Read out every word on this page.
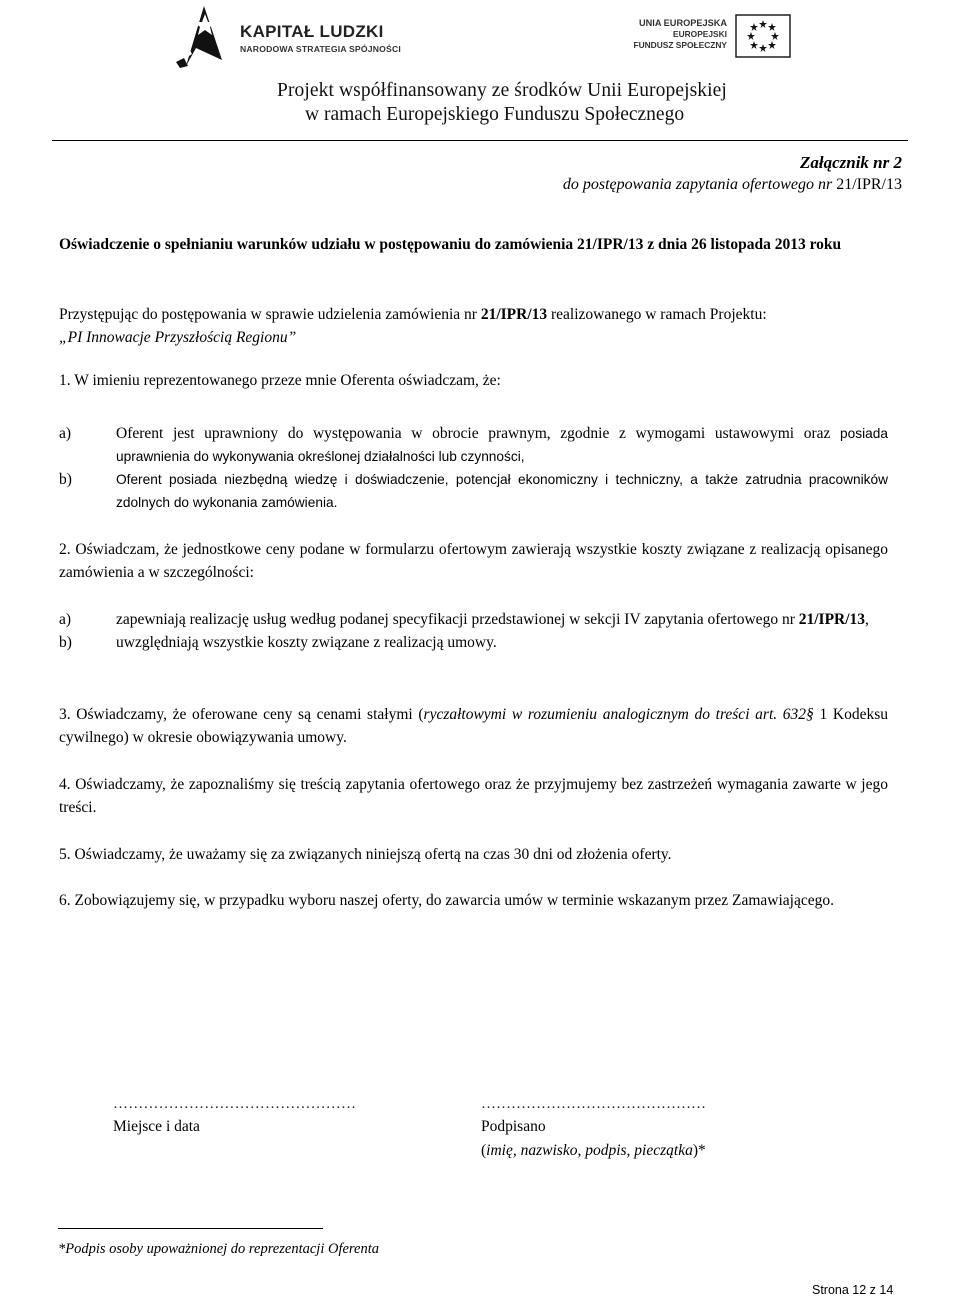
KAPITAŁ LUDZKI
NARODOWA STRATEGIA SPÓJNOŚCI
UNIA EUROPEJSKA
EUROPEJSKI
FUNDUSZ SPOŁECZNY
Projekt współfinansowany ze środków Unii Europejskiej
w ramach Europejskiego Funduszu Społecznego
Załącznik nr 2
do postępowania zapytania ofertowego nr 21/IPR/13
Oświadczenie o spełnianiu warunków udziału w postępowaniu do zamówienia 21/IPR/13 z dnia 26 listopada 2013 roku
Przystępując do postępowania w sprawie udzielenia zamówienia nr 21/IPR/13 realizowanego w ramach Projektu:
„PI Innowacje Przyszłością Regionu”
1. W imieniu reprezentowanego przeze mnie Oferenta oświadczam, że:
a)	Oferent jest uprawniony do występowania w obrocie prawnym, zgodnie z wymogami ustawowymi oraz posiada uprawnienia do wykonywania określonej działalności lub czynności,
b)	Oferent posiada niezbędną wiedzę i doświadczenie, potencjał ekonomiczny i techniczny, a także zatrudnia pracowników zdolnych do wykonania zamówienia.
2. Oświadczam, że jednostkowe ceny podane w formularzu ofertowym zawierają wszystkie koszty związane z realizacją opisanego zamówienia a w szczególności:
a)	zapewniają realizację usług według podanej specyfikacji przedstawionej w sekcji IV zapytania ofertowego nr 21/IPR/13,
b)	uwzględniają wszystkie koszty związane z realizacją umowy.
3. Oświadczamy, że oferowane ceny są cenami stałymi (ryczałtowymi w rozumieniu analogicznym do treści art. 632§ 1 Kodeksu cywilnego) w okresie obowiązywania umowy.
4. Oświadczamy, że zapoznaliśmy się treścią zapytania ofertowego oraz że przyjmujemy bez zastrzeżeń wymagania zawarte w jego treści.
5. Oświadczamy, że uważamy się za związanych niniejszą ofertą na czas 30 dni od złożenia oferty.
6. Zobowiązujemy się, w przypadku wyboru naszej oferty, do zawarcia umów w terminie wskazanym przez Zamawiającego.
…………………………………………	………………………………………
Miejsce i data	Podpisano
(imię, nazwisko, podpis, pieczątka)*
*Podpis osoby upoważnionej do reprezentacji Oferenta
Strona 12 z 14
